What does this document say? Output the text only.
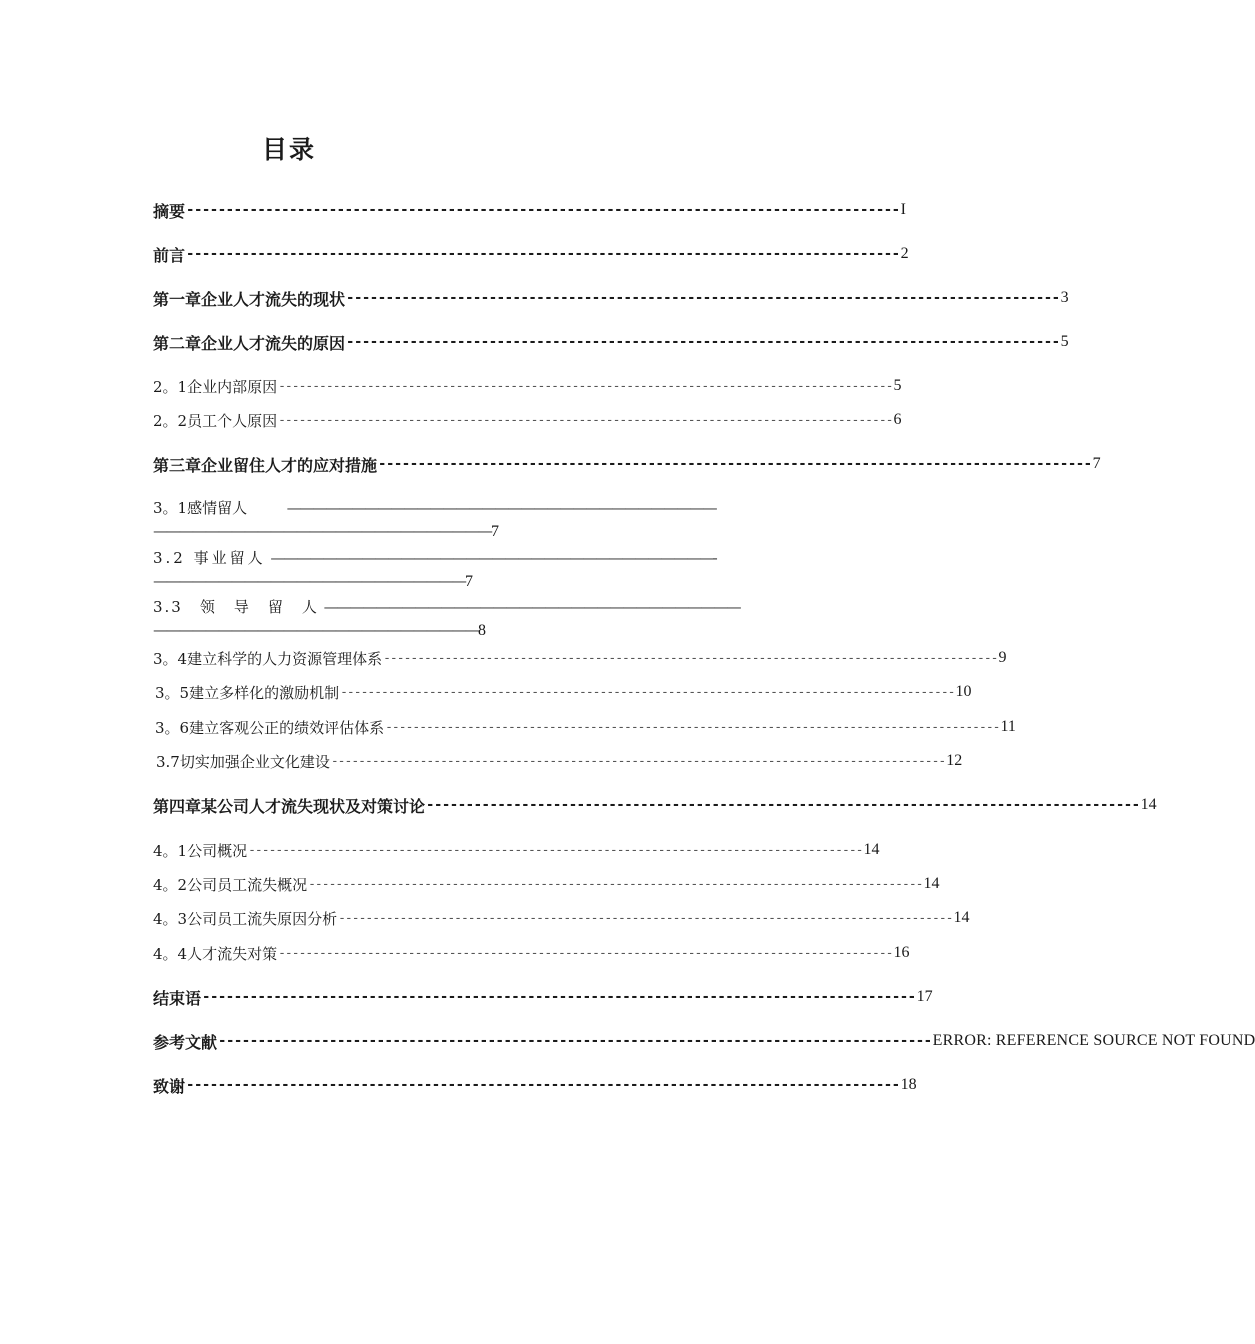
目录
摘要 ------------------------------------------------------------------------------------------ I
前言 ------------------------------------------------------------------------------------------ 2
第一章企业人才流失的现状 ------------------------------------------------------------------------------------------ 3
第二章企业人才流失的原因 ------------------------------------------------------------------------------------------ 5
2。1企业内部原因 ------------------------------------------------------------------------------------------ 5
2。2员工个人原因 ------------------------------------------------------------------------------------------ 6
第三章企业留住人才的应对措施 ------------------------------------------------------------------------------------------ 7
3。1感情留人	—————————————————————————————————
——————————————————————————7
3.2 事业留人 ——————————————————————————————————-
————————————————————————7
3.3　领　导　留　人 ————————————————————————————————
—————————————————————————8
3。4建立科学的人力资源管理体系 ------------------------------------------------------------------------------------------ 9
3。5建立多样化的激励机制 ------------------------------------------------------------------------------------------ 10
3。6建立客观公正的绩效评估体系 ------------------------------------------------------------------------------------------ 11
3.7切实加强企业文化建设 ------------------------------------------------------------------------------------------ 12
第四章某公司人才流失现状及对策讨论 ------------------------------------------------------------------------------------------ 14
4。1公司概况 ------------------------------------------------------------------------------------------ 14
4。2公司员工流失概况 ------------------------------------------------------------------------------------------ 14
4。3公司员工流失原因分析 ------------------------------------------------------------------------------------------ 14
4。4人才流失对策 ------------------------------------------------------------------------------------------ 16
结束语 ------------------------------------------------------------------------------------------ 17
参考文献 ------------------------------------------------------------------------------------------ ERROR: REFERENCE SOURCE NOT FOUND
致谢 ------------------------------------------------------------------------------------------ 18
